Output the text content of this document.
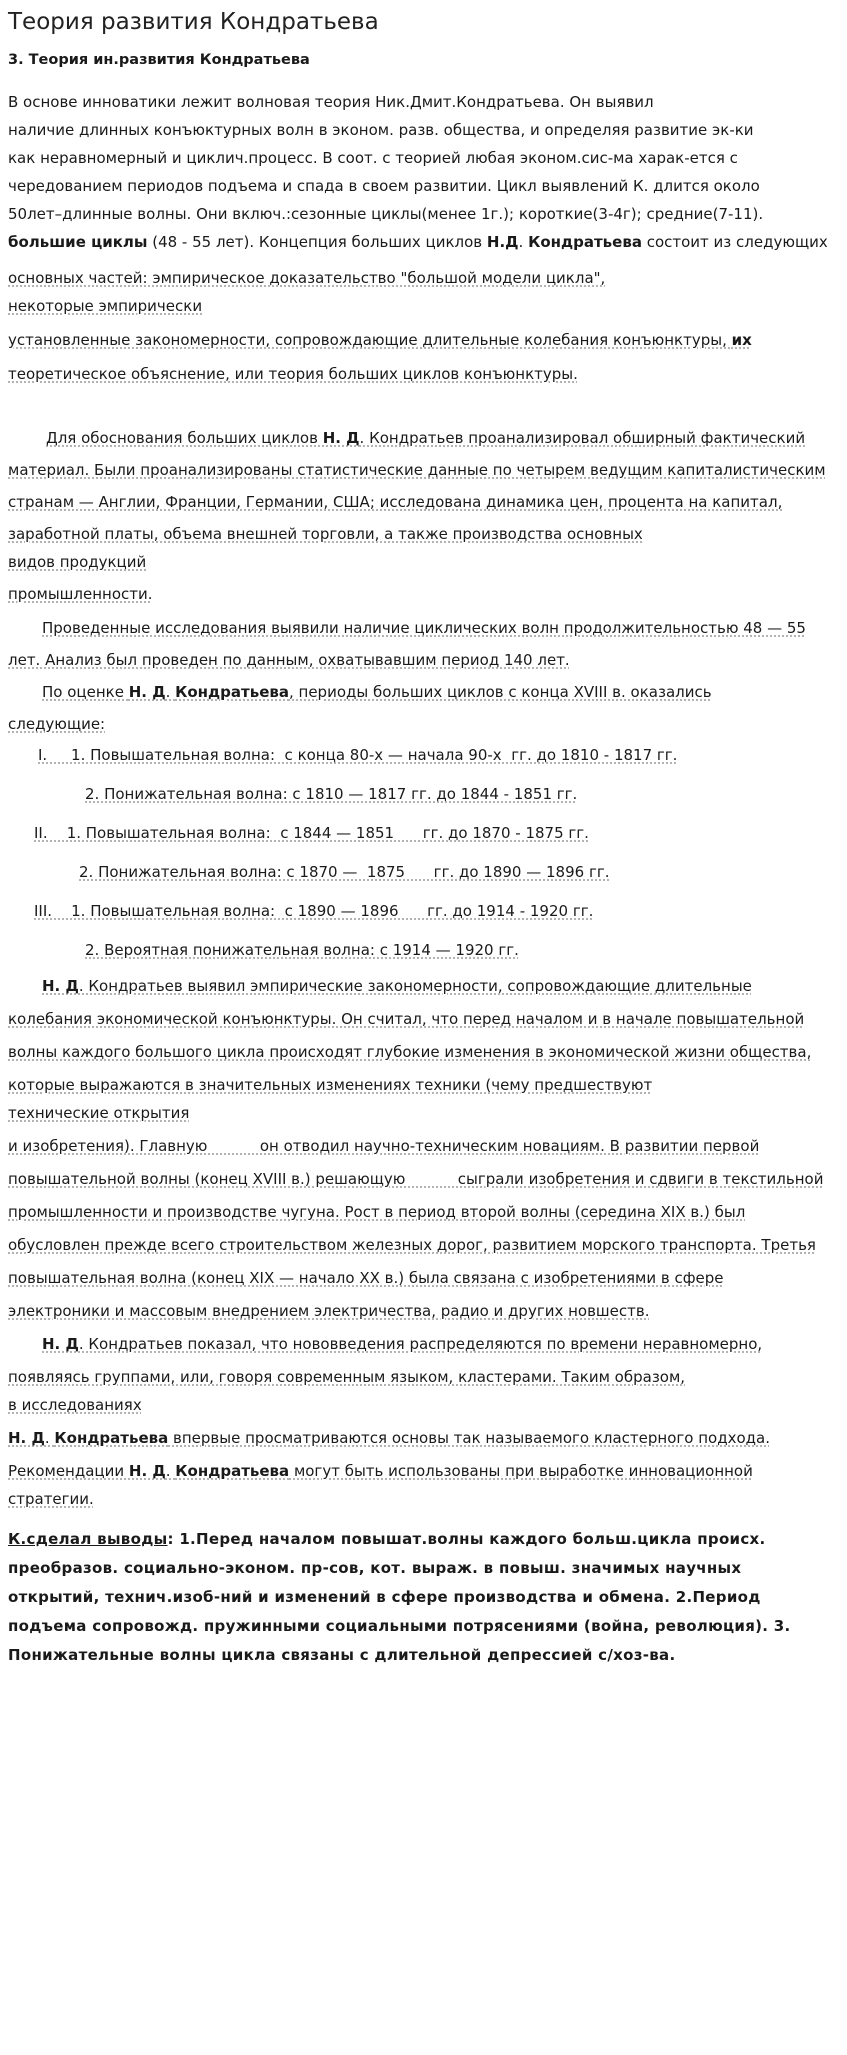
Теория развития Кондратьева
3. Теория ин.развития Кондратьева

В основе инноватики лежит волновая теория Ник.Дмит.Кондратьева. Он выявил

наличие длинных конъюктурных волн в эконом. разв. общества, и определяя развитие эк-ки

как неравномерный и циклич.процесс. В соот. с теорией любая эконом.сис-ма харак-ется с

чередованием периодов подъема и спада в своем развитии. Цикл выявлений К. длится около

50лет–длинные волны. Они включ.:сезонные циклы(менее 1г.); короткие(3-4г); средние(7-11).

большие циклы (48 - 55 лет). Концепция больших циклов Н.Д. Кондратьева состоит из следующих

основных частей: эмпирическое доказательство "большой модели цикла",

некоторые эмпирически

установленные закономерности, сопровождающие длительные колебания конъюнктуры, их

теоретическое объяснение, или теория больших циклов конъюнктуры.

Для обоснования больших циклов Н. Д. Кондратьев проанализировал обширный фактический

материал. Были проанализированы статистические данные по четырем ведущим капиталистическим

странам — Англии, Франции, Германии, США; исследована динамика цен, процента на капитал,

заработной платы, объема внешней торговли, а также производства основных

видов продукций

промышленности.

Проведенные исследования выявили наличие циклических волн продолжительностью 48 — 55

лет. Анализ был проведен по данным, охватывавшим период 140 лет.

По оценке Н. Д. Кондратьева, периоды больших циклов с конца XVIII в. оказались

следующие:

I.     1. Повышательная волна:  с конца 80-х — начала 90-х  гг. до 1810 - 1817 гг.

2. Понижательная волна: с 1810 — 1817 гг. до 1844 - 1851 гг.

II.    1. Повышательная волна:  с 1844 — 1851      гг. до 1870 - 1875 гг.

2. Понижательная волна: с 1870 —  1875      гг. до 1890 — 1896 гг.

III.    1. Повышательная волна:  с 1890 — 1896      гг. до 1914 - 1920 гг.

2. Вероятная понижательная волна: с 1914 — 1920 гг.

Н. Д. Кондратьев выявил эмпирические закономерности, сопровождающие длительные

колебания экономической конъюнктуры. Он считал, что перед началом и в начале повышательной

волны каждого большого цикла происходят глубокие изменения в экономической жизни общества,

которые выражаются в значительных изменениях техники (чему предшествуют

технические открытия

и изобретения). Главную           он отводил научно-техническим новациям. В развитии первой

повышательной волны (конец XVIII в.) решающую           сыграли изобретения и сдвиги в текстильной

промышленности и производстве чугуна. Рост в период второй волны (середина XIX в.) был

обусловлен прежде всего строительством железных дорог, развитием морского транспорта. Третья

повышательная волна (конец XIX — начало XX в.) была связана с изобретениями в сфере

электроники и массовым внедрением электричества, радио и других новшеств.

Н. Д. Кондратьев показал, что нововведения распределяются по времени неравномерно,

появляясь группами, или, говоря современным языком, кластерами. Таким образом,

в исследованиях

Н. Д. Кондратьева впервые просматриваются основы так называемого кластерного подхода.

Рекомендации Н. Д. Кондратьева могут быть использованы при выработке инновационной стратегии.

К.сделал выводы: 1.Перед началом повышат.волны каждого больш.цикла происх. преобразов. социально-эконом. пр-сов, кот. выраж. в повыш. значимых научных открытий, технич.изоб-ний и изменений в сфере производства и обмена. 2.Период подъема сопровожд. пружинными социальными потрясениями (война, революция). 3. Понижательные волны цикла связаны с длительной депрессией с/хоз-ва.
